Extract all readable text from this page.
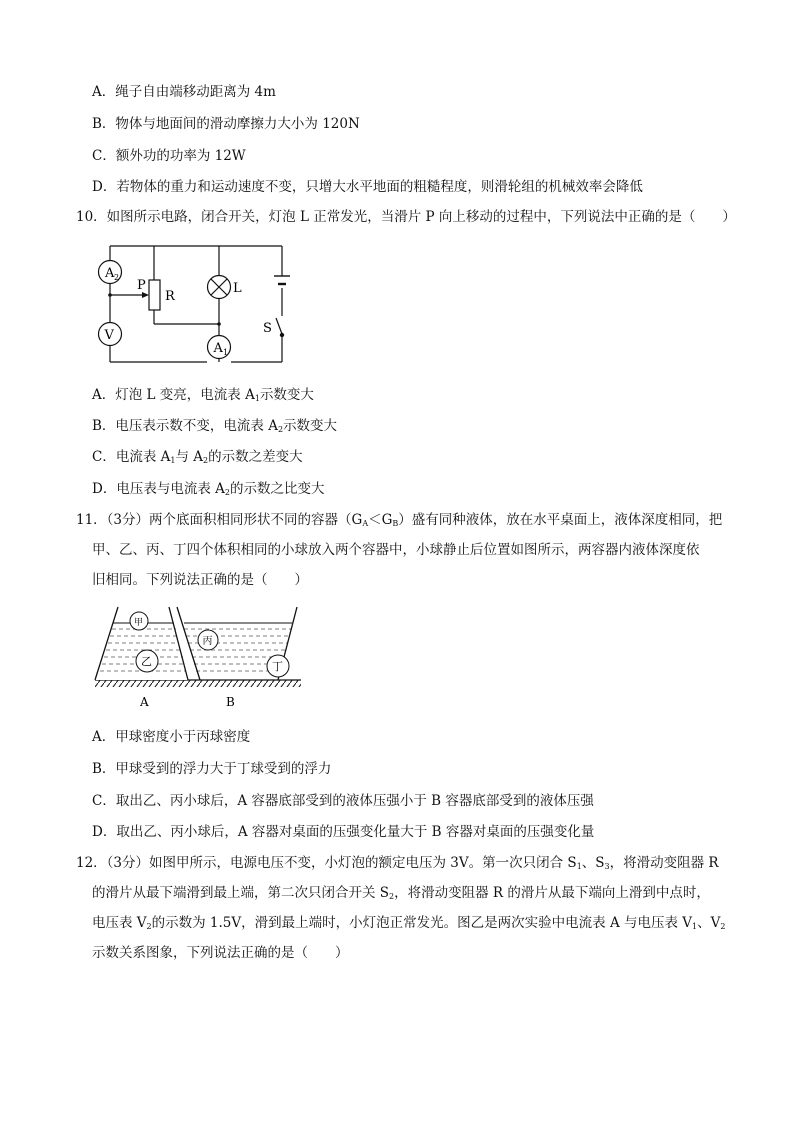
A．绳子自由端移动距离为 4m
B．物体与地面间的滑动摩擦力大小为 120N
C．额外功的功率为 12W
D．若物体的重力和运动速度不变，只增大水平地面的粗糙程度，则滑轮组的机械效率会降低
10．如图所示电路，闭合开关，灯泡 L 正常发光，当滑片 P 向上移动的过程中，下列说法中正确的是（　　）
A 2
V
A 1
P
R
L
S
A．灯泡 L 变亮，电流表 $A_1$示数变大
B．电压表示数不变，电流表 $A_2$示数变大
C．电流表 $A_1$与 $A_2$的示数之差变大
D．电压表与电流表 $A_2$的示数之比变大
11．（3分）两个底面积相同形状不同的容器$(G_A<G_B)$盛有同种液体，放在水平桌面上，液体深度相同，把
甲、乙、丙、丁四个体积相同的小球放入两个容器中，小球静止后位置如图所示，两容器内液体深度依
旧相同。下列说法正确的是（　　）
甲
乙
丙
丁
A	B
A．甲球密度小于丙球密度
B．甲球受到的浮力大于丁球受到的浮力
C．取出乙、丙小球后，A 容器底部受到的液体压强小于 B 容器底部受到的液体压强
D．取出乙、丙小球后，A 容器对桌面的压强变化量大于 B 容器对桌面的压强变化量
12．（3分）如图甲所示，电源电压不变，小灯泡的额定电压为 3V。第一次只闭合 $S_1$、$S_3$，将滑动变阻器 R
的滑片从最下端滑到最上端，第二次只闭合开关 $S_2$，将滑动变阻器 R 的滑片从最下端向上滑到中点时，
电压表 $V_2$的示数为 1.5V，滑到最上端时，小灯泡正常发光。图乙是两次实验中电流表 A 与电压表 $V_1$、$V_2$
示数关系图象，下列说法正确的是（　　）
